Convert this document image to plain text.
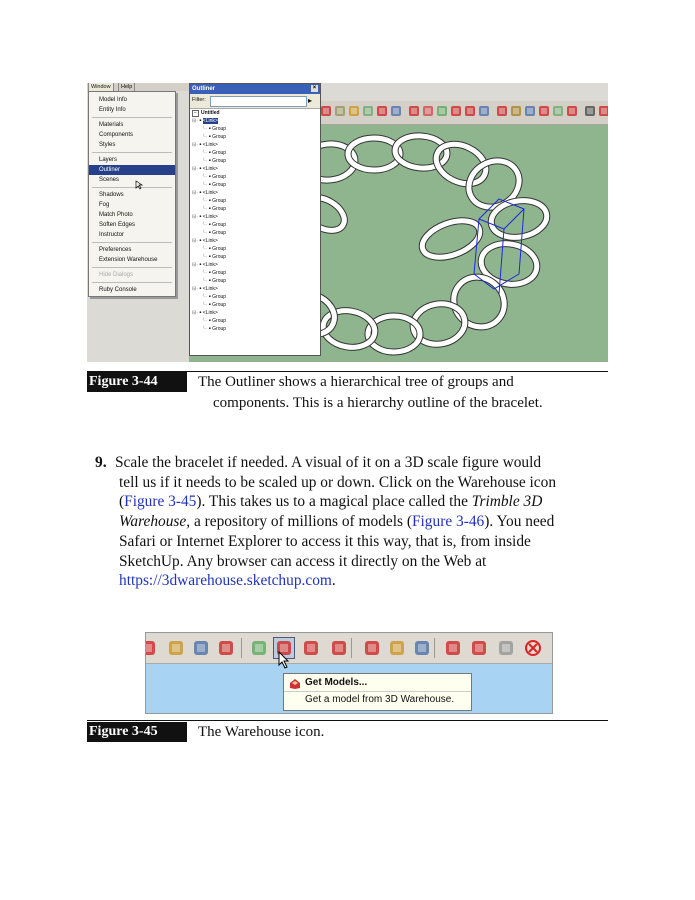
Window	Help
Model Info
Entity Info
Materials
Components
Styles
Layers
Outliner
Scenes
Shadows
Fog
Match Photo
Soften Edges
Instructor
Preferences
Extension Warehouse
Hide Dialogs
Ruby Console
Outliner	×
Filter:	▸
− Untitled
⊟· ▪ <Link>
└· ▪ Group
└· ▪ Group
⊟· ▪ <Link>
└· ▪ Group
└· ▪ Group
⊟· ▪ <Link>
└· ▪ Group
└· ▪ Group
⊟· ▪ <Link>
└· ▪ Group
└· ▪ Group
⊟· ▪ <Link>
└· ▪ Group
└· ▪ Group
⊟· ▪ <Link>
└· ▪ Group
└· ▪ Group
⊟· ▪ <Link>
└· ▪ Group
└· ▪ Group
⊟· ▪ <Link>
└· ▪ Group
└· ▪ Group
⊟· ▪ <Link>
└· ▪ Group
└· ▪ Group
Figure 3-44	The Outliner shows a hierarchical tree of groups and
components. This is a hierarchy outline of the bracelet.
9. Scale the bracelet if needed. A visual of it on a 3D scale figure would
tell us if it needs to be scaled up or down. Click on the Warehouse icon
(Figure 3-45). This takes us to a magical place called the Trimble 3D
Warehouse, a repository of millions of models (Figure 3-46). You need
Safari or Internet Explorer to access it this way, that is, from inside
SketchUp. Any browser can access it directly on the Web at
https://3dwarehouse.sketchup.com.
Get Models...
Get a model from 3D Warehouse.
Figure 3-45	The Warehouse icon.
